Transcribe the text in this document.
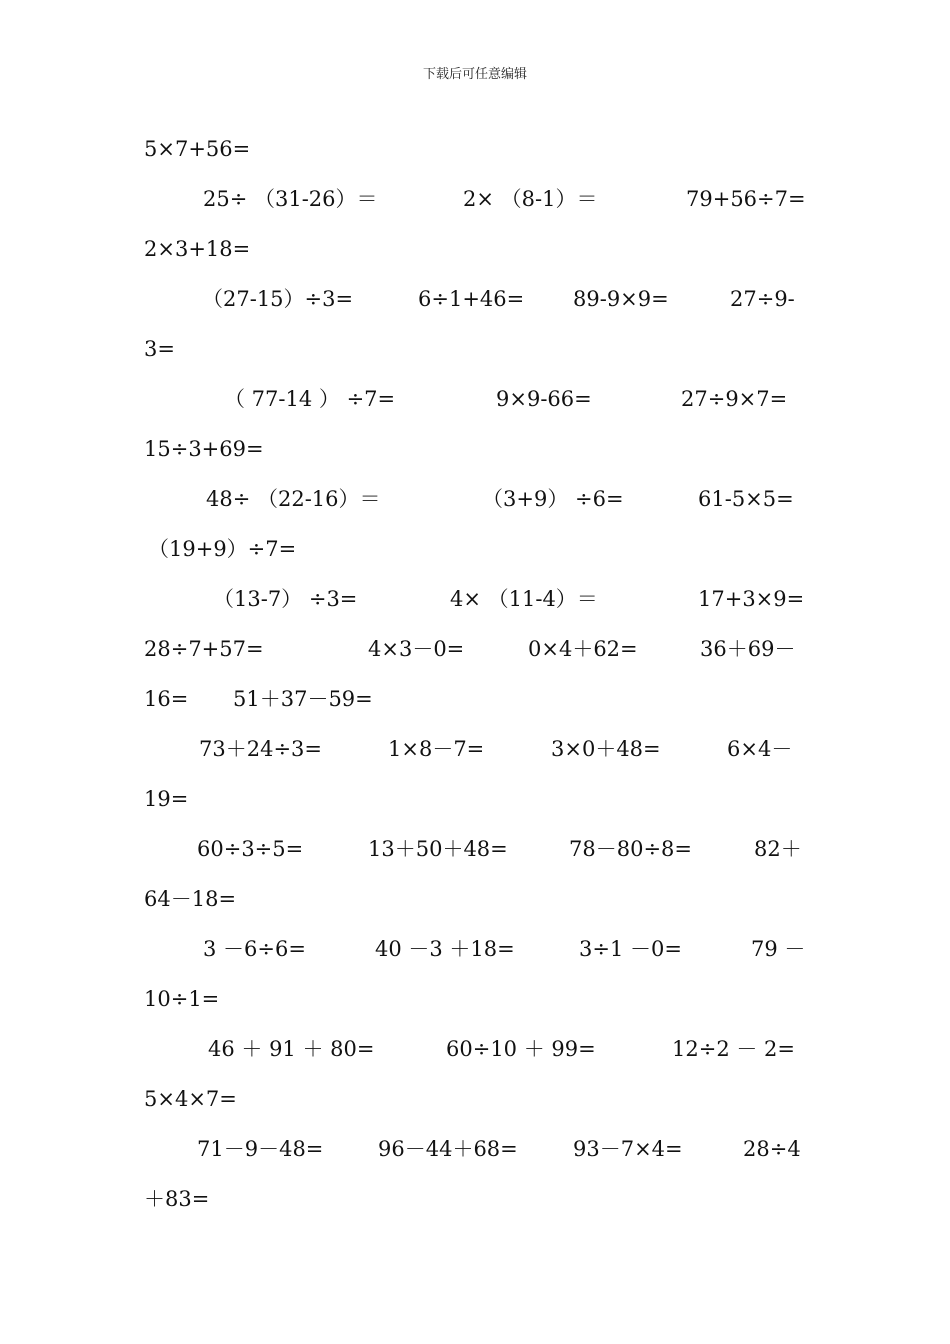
下载后可任意编辑
5×7+56=
25÷ （31-26）＝	2× （8-1）＝	79+56÷7=
2×3+18=
（27-15）÷3=	6÷1+46= 89-9×9=	27÷9-
3=
（ 77-14 ） ÷7=	9×9-66=	27÷9×7=
15÷3+69=
48÷ （22-16）＝	（3+9） ÷6=	61-5×5=
（19+9）÷7=
（13-7） ÷3=	4× （11-4）＝	17+3×9=
28÷7+57=	4×3－0=	0×4＋62=	36＋69－
16= 51＋37－59=
73＋24÷3=	1×8－7=	3×0＋48=	6×4－
19=
60÷3÷5=	13＋50＋48=	78－80÷8=	82＋
64－18=
3 －6÷6=	40 －3 ＋18=	3÷1 －0=	79 －
10÷1=
46 ＋ 91 ＋ 80=	60÷10 ＋ 99=	12÷2 － 2=
5×4×7=
71－9－48=	96－44＋68=	93－7×4=	28÷4
＋83=
